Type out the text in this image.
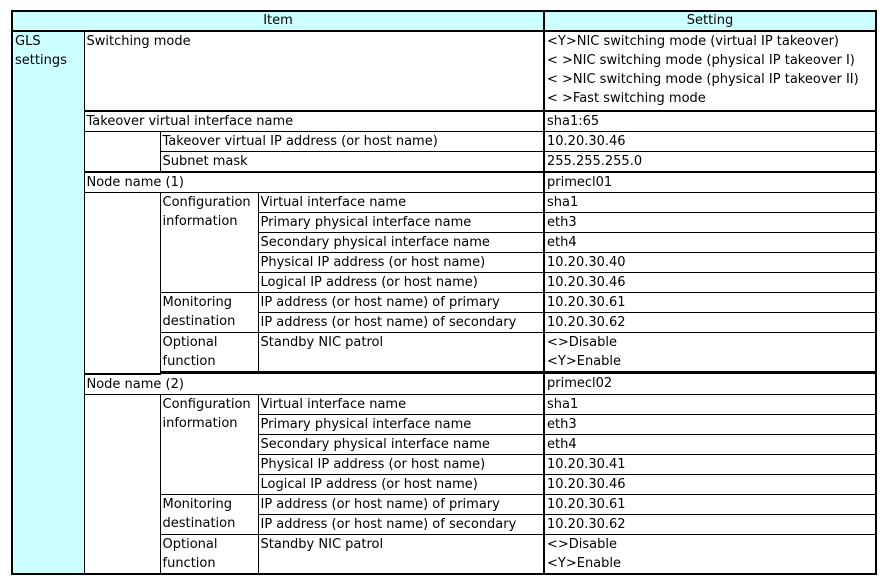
Item				Setting

GLS
settings	Switching mode			<Y>NIC switching mode (virtual IP takeover)
< >NIC switching mode (physical IP takeover I)
< >NIC switching mode (physical IP takeover II)
< >Fast switching mode

	Takeover virtual interface name			sha1:65
		Takeover virtual IP address (or host name)		10.20.30.46
		Subnet mask		255.255.255.0
	Node name (1)			primecl01

		Configuration
information	Virtual interface name	sha1
			Primary physical interface name	eth3
			Secondary physical interface name	eth4
			Physical IP address (or host name)	10.20.30.40
			Logical IP address (or host name)	10.20.30.46

		Monitoring
destination	IP address (or host name) of primary	10.20.30.61
			IP address (or host name) of secondary	10.20.30.62

		Optional
function	Standby NIC patrol	<>Disable
<Y>Enable

	Node name (2)			primecl02

		Configuration
information	Virtual interface name	sha1
			Primary physical interface name	eth3
			Secondary physical interface name	eth4
			Physical IP address (or host name)	10.20.30.41
			Logical IP address (or host name)	10.20.30.46

		Monitoring
destination	IP address (or host name) of primary	10.20.30.61
			IP address (or host name) of secondary	10.20.30.62

		Optional
function	Standby NIC patrol	<>Disable
<Y>Enable
